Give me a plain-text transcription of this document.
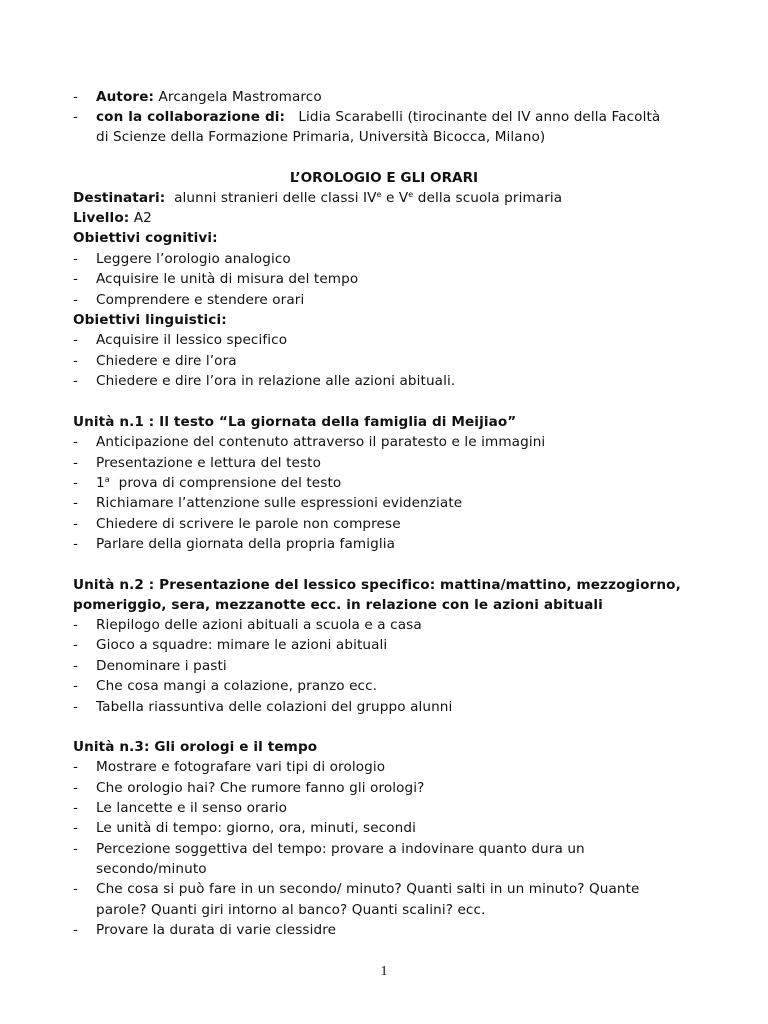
- Autore: Arcangela Mastromarco
- con la collaborazione di: Lidia Scarabelli (tirocinante del IV anno della Facoltà
di Scienze della Formazione Primaria, Università Bicocca, Milano)
L’OROLOGIO E GLI ORARI
Destinatari: alunni stranieri delle classi IVe e Ve della scuola primaria
Livello: A2
Obiettivi cognitivi:
- Leggere l’orologio analogico
- Acquisire le unità di misura del tempo
- Comprendere e stendere orari
Obiettivi linguistici:
- Acquisire il lessico specifico
- Chiedere e dire l’ora
- Chiedere e dire l’ora in relazione alle azioni abituali.
Unità n.1 : Il testo “La giornata della famiglia di Meijiao”
- Anticipazione del contenuto attraverso il paratesto e le immagini
- Presentazione e lettura del testo
- 1$^a$ prova di comprensione del testo
- Richiamare l’attenzione sulle espressioni evidenziate
- Chiedere di scrivere le parole non comprese
- Parlare della giornata della propria famiglia
Unità n.2 : Presentazione del lessico specifico: mattina/mattino, mezzogiorno,
pomeriggio, sera, mezzanotte ecc. in relazione con le azioni abituali
- Riepilogo delle azioni abituali a scuola e a casa
- Gioco a squadre: mimare le azioni abituali
- Denominare i pasti
- Che cosa mangi a colazione, pranzo ecc.
- Tabella riassuntiva delle colazioni del gruppo alunni
Unità n.3: Gli orologi e il tempo
- Mostrare e fotografare vari tipi di orologio
- Che orologio hai? Che rumore fanno gli orologi?
- Le lancette e il senso orario
- Le unità di tempo: giorno, ora, minuti, secondi
- Percezione soggettiva del tempo: provare a indovinare quanto dura un
secondo/minuto
- Che cosa si può fare in un secondo/ minuto? Quanti salti in un minuto? Quante
parole? Quanti giri intorno al banco? Quanti scalini? ecc.
- Provare la durata di varie clessidre
1
